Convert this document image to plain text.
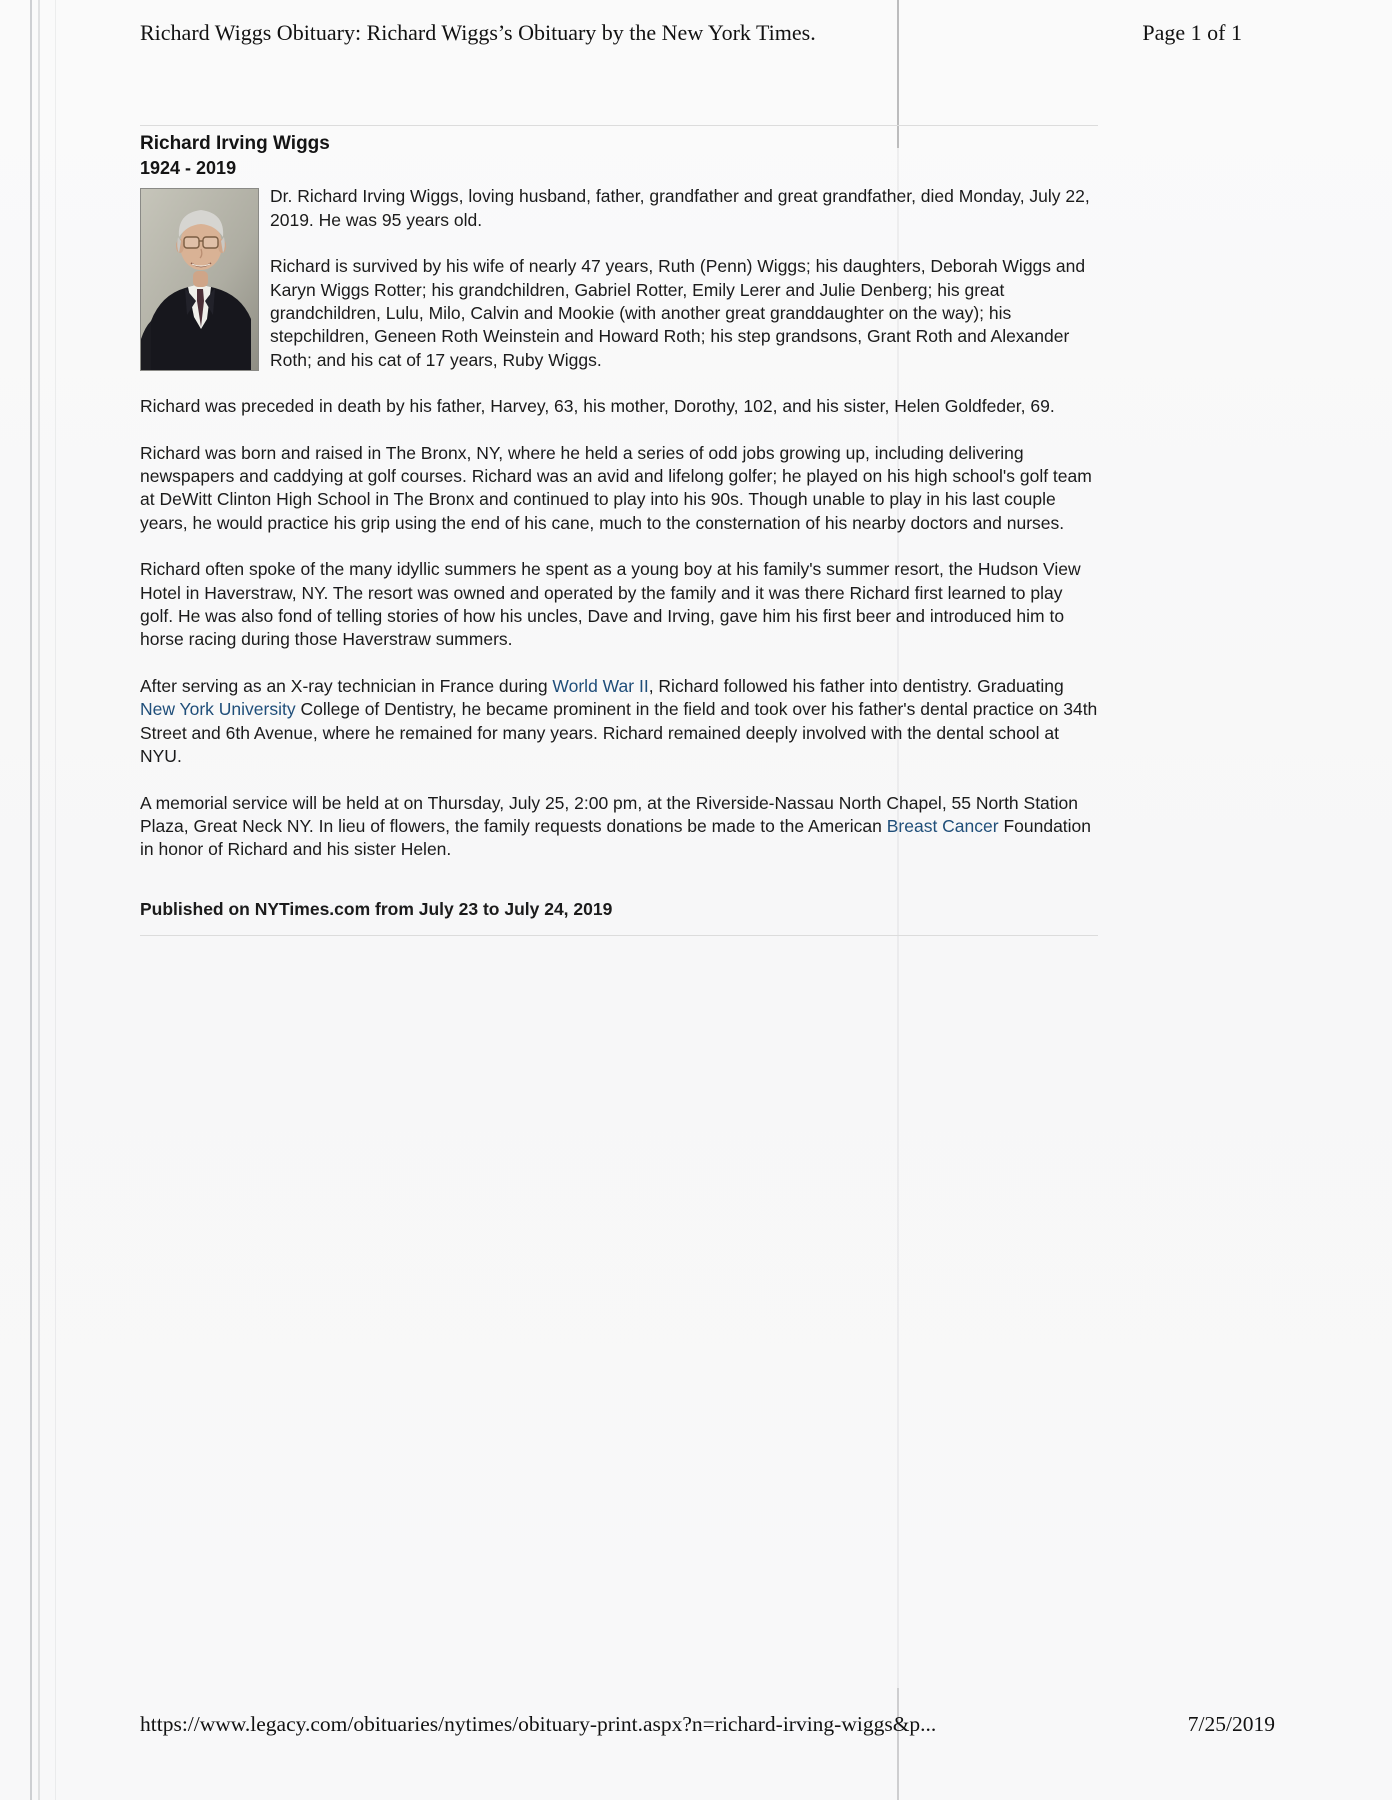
Richard Wiggs Obituary: Richard Wiggs’s Obituary by the New York Times.	Page 1 of 1
Richard Irving Wiggs
1924 - 2019

Dr. Richard Irving Wiggs, loving husband, father, grandfather and great grandfather, died Monday, July 22, 2019. He was 95 years old.

Richard is survived by his wife of nearly 47 years, Ruth (Penn) Wiggs; his daughters, Deborah Wiggs and Karyn Wiggs Rotter; his grandchildren, Gabriel Rotter, Emily Lerer and Julie Denberg; his great grandchildren, Lulu, Milo, Calvin and Mookie (with another great granddaughter on the way); his stepchildren, Geneen Roth Weinstein and Howard Roth; his step grandsons, Grant Roth and Alexander Roth; and his cat of 17 years, Ruby Wiggs.

Richard was preceded in death by his father, Harvey, 63, his mother, Dorothy, 102, and his sister, Helen Goldfeder, 69.

Richard was born and raised in The Bronx, NY, where he held a series of odd jobs growing up, including delivering newspapers and caddying at golf courses. Richard was an avid and lifelong golfer; he played on his high school's golf team at DeWitt Clinton High School in The Bronx and continued to play into his 90s. Though unable to play in his last couple years, he would practice his grip using the end of his cane, much to the consternation of his nearby doctors and nurses.

Richard often spoke of the many idyllic summers he spent as a young boy at his family's summer resort, the Hudson View Hotel in Haverstraw, NY. The resort was owned and operated by the family and it was there Richard first learned to play golf. He was also fond of telling stories of how his uncles, Dave and Irving, gave him his first beer and introduced him to horse racing during those Haverstraw summers.

After serving as an X-ray technician in France during World War II, Richard followed his father into dentistry. Graduating New York University College of Dentistry, he became prominent in the field and took over his father's dental practice on 34th Street and 6th Avenue, where he remained for many years. Richard remained deeply involved with the dental school at NYU.

A memorial service will be held at on Thursday, July 25, 2:00 pm, at the Riverside-Nassau North Chapel, 55 North Station Plaza, Great Neck NY. In lieu of flowers, the family requests donations be made to the American Breast Cancer Foundation in honor of Richard and his sister Helen.

Published on NYTimes.com from July 23 to July 24, 2019

https://www.legacy.com/obituaries/nytimes/obituary-print.aspx?n=richard-irving-wiggs&p...	7/25/2019
